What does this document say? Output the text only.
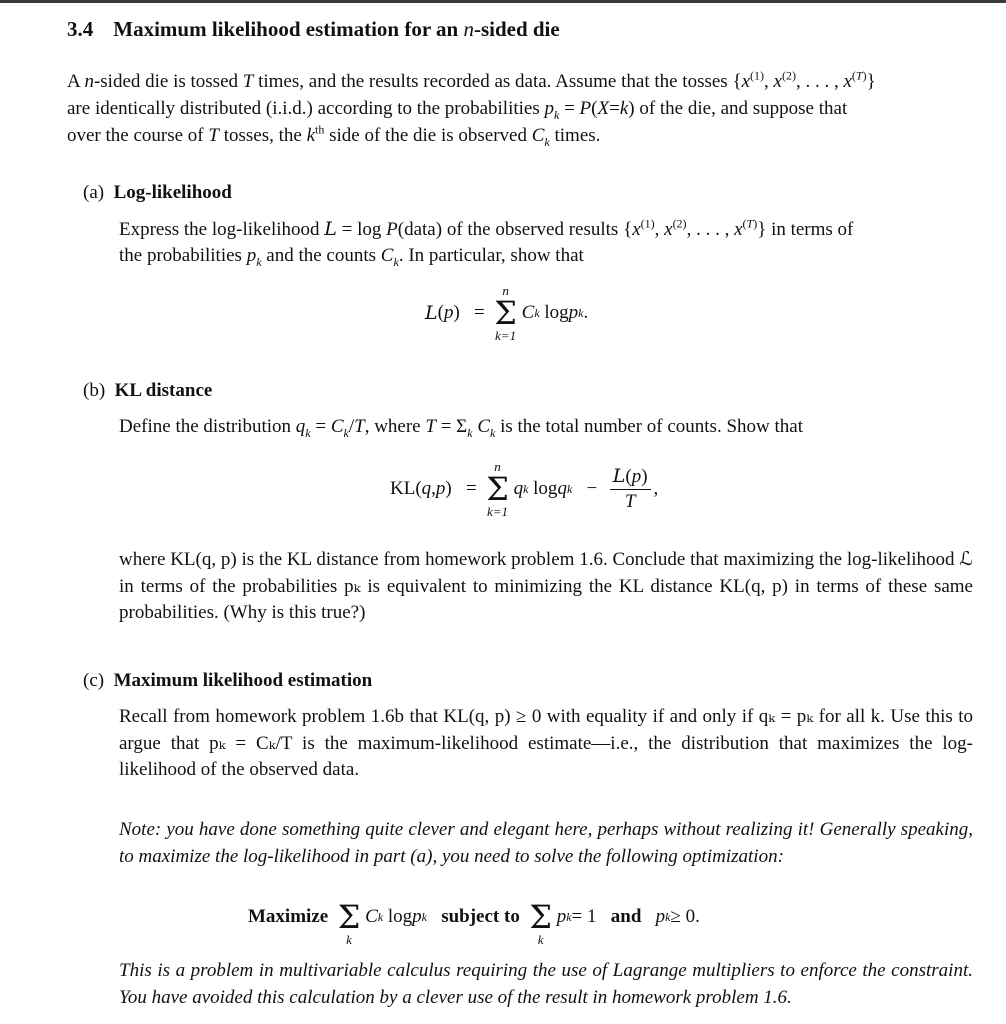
3.4 Maximum likelihood estimation for an n-sided die
A n-sided die is tossed T times, and the results recorded as data. Assume that the tosses {$x^{(1)}$, $x^{(2)}$, . . . , $x^{(T)}$}
are identically distributed (i.i.d.) according to the probabilities $p_k = P(X=k)$ of the die, and suppose that
over the course of T tosses, the $k^{th}$ side of the die is observed $C_k$ times.
(a) Log-likelihood
Express the log-likelihood L = log P(data) of the observed results {$x^{(1)}$, $x^{(2)}$, . . . , $x^{(T)}$} in terms of
the probabilities $p_k$ and the counts $C_k$. In particular, show that
L ( p )   =
n
Σ
k=1

C k log p k .
(b) KL distance
Define the distribution $q_k = C_k/T$, where $T = \Sigma_k$ $C_k$ is the total number of counts. Show that
KL( q , p )   =
n
Σ
k=1

q k log q $k - \frac{L(p)}{T}$ ,
where KL(q, p) is the KL distance from homework problem 1.6. Conclude that maximizing the log-likelihood ℒ in terms of the probabilities pₖ is equivalent to minimizing the KL distance KL(q, p) in terms of these same probabilities. (Why is this true?)
(c) Maximum likelihood estimation
Recall from homework problem 1.6b that KL(q, p) ≥ 0 with equality if and only if qₖ = pₖ for all k. Use this to argue that pₖ = Cₖ/T is the maximum-likelihood estimate—i.e., the distribution that maximizes the log-likelihood of the observed data.
Note: you have done something quite clever and elegant here, perhaps without realizing it! Generally speaking, to maximize the log-likelihood in part (a), you need to solve the following optimization:
Maximize

Σ
k

C k log p k
subject to

Σ
k

p k = 1 and
p k ≥ 0.
This is a problem in multivariable calculus requiring the use of Lagrange multipliers to enforce the constraint. You have avoided this calculation by a clever use of the result in homework problem 1.6.
